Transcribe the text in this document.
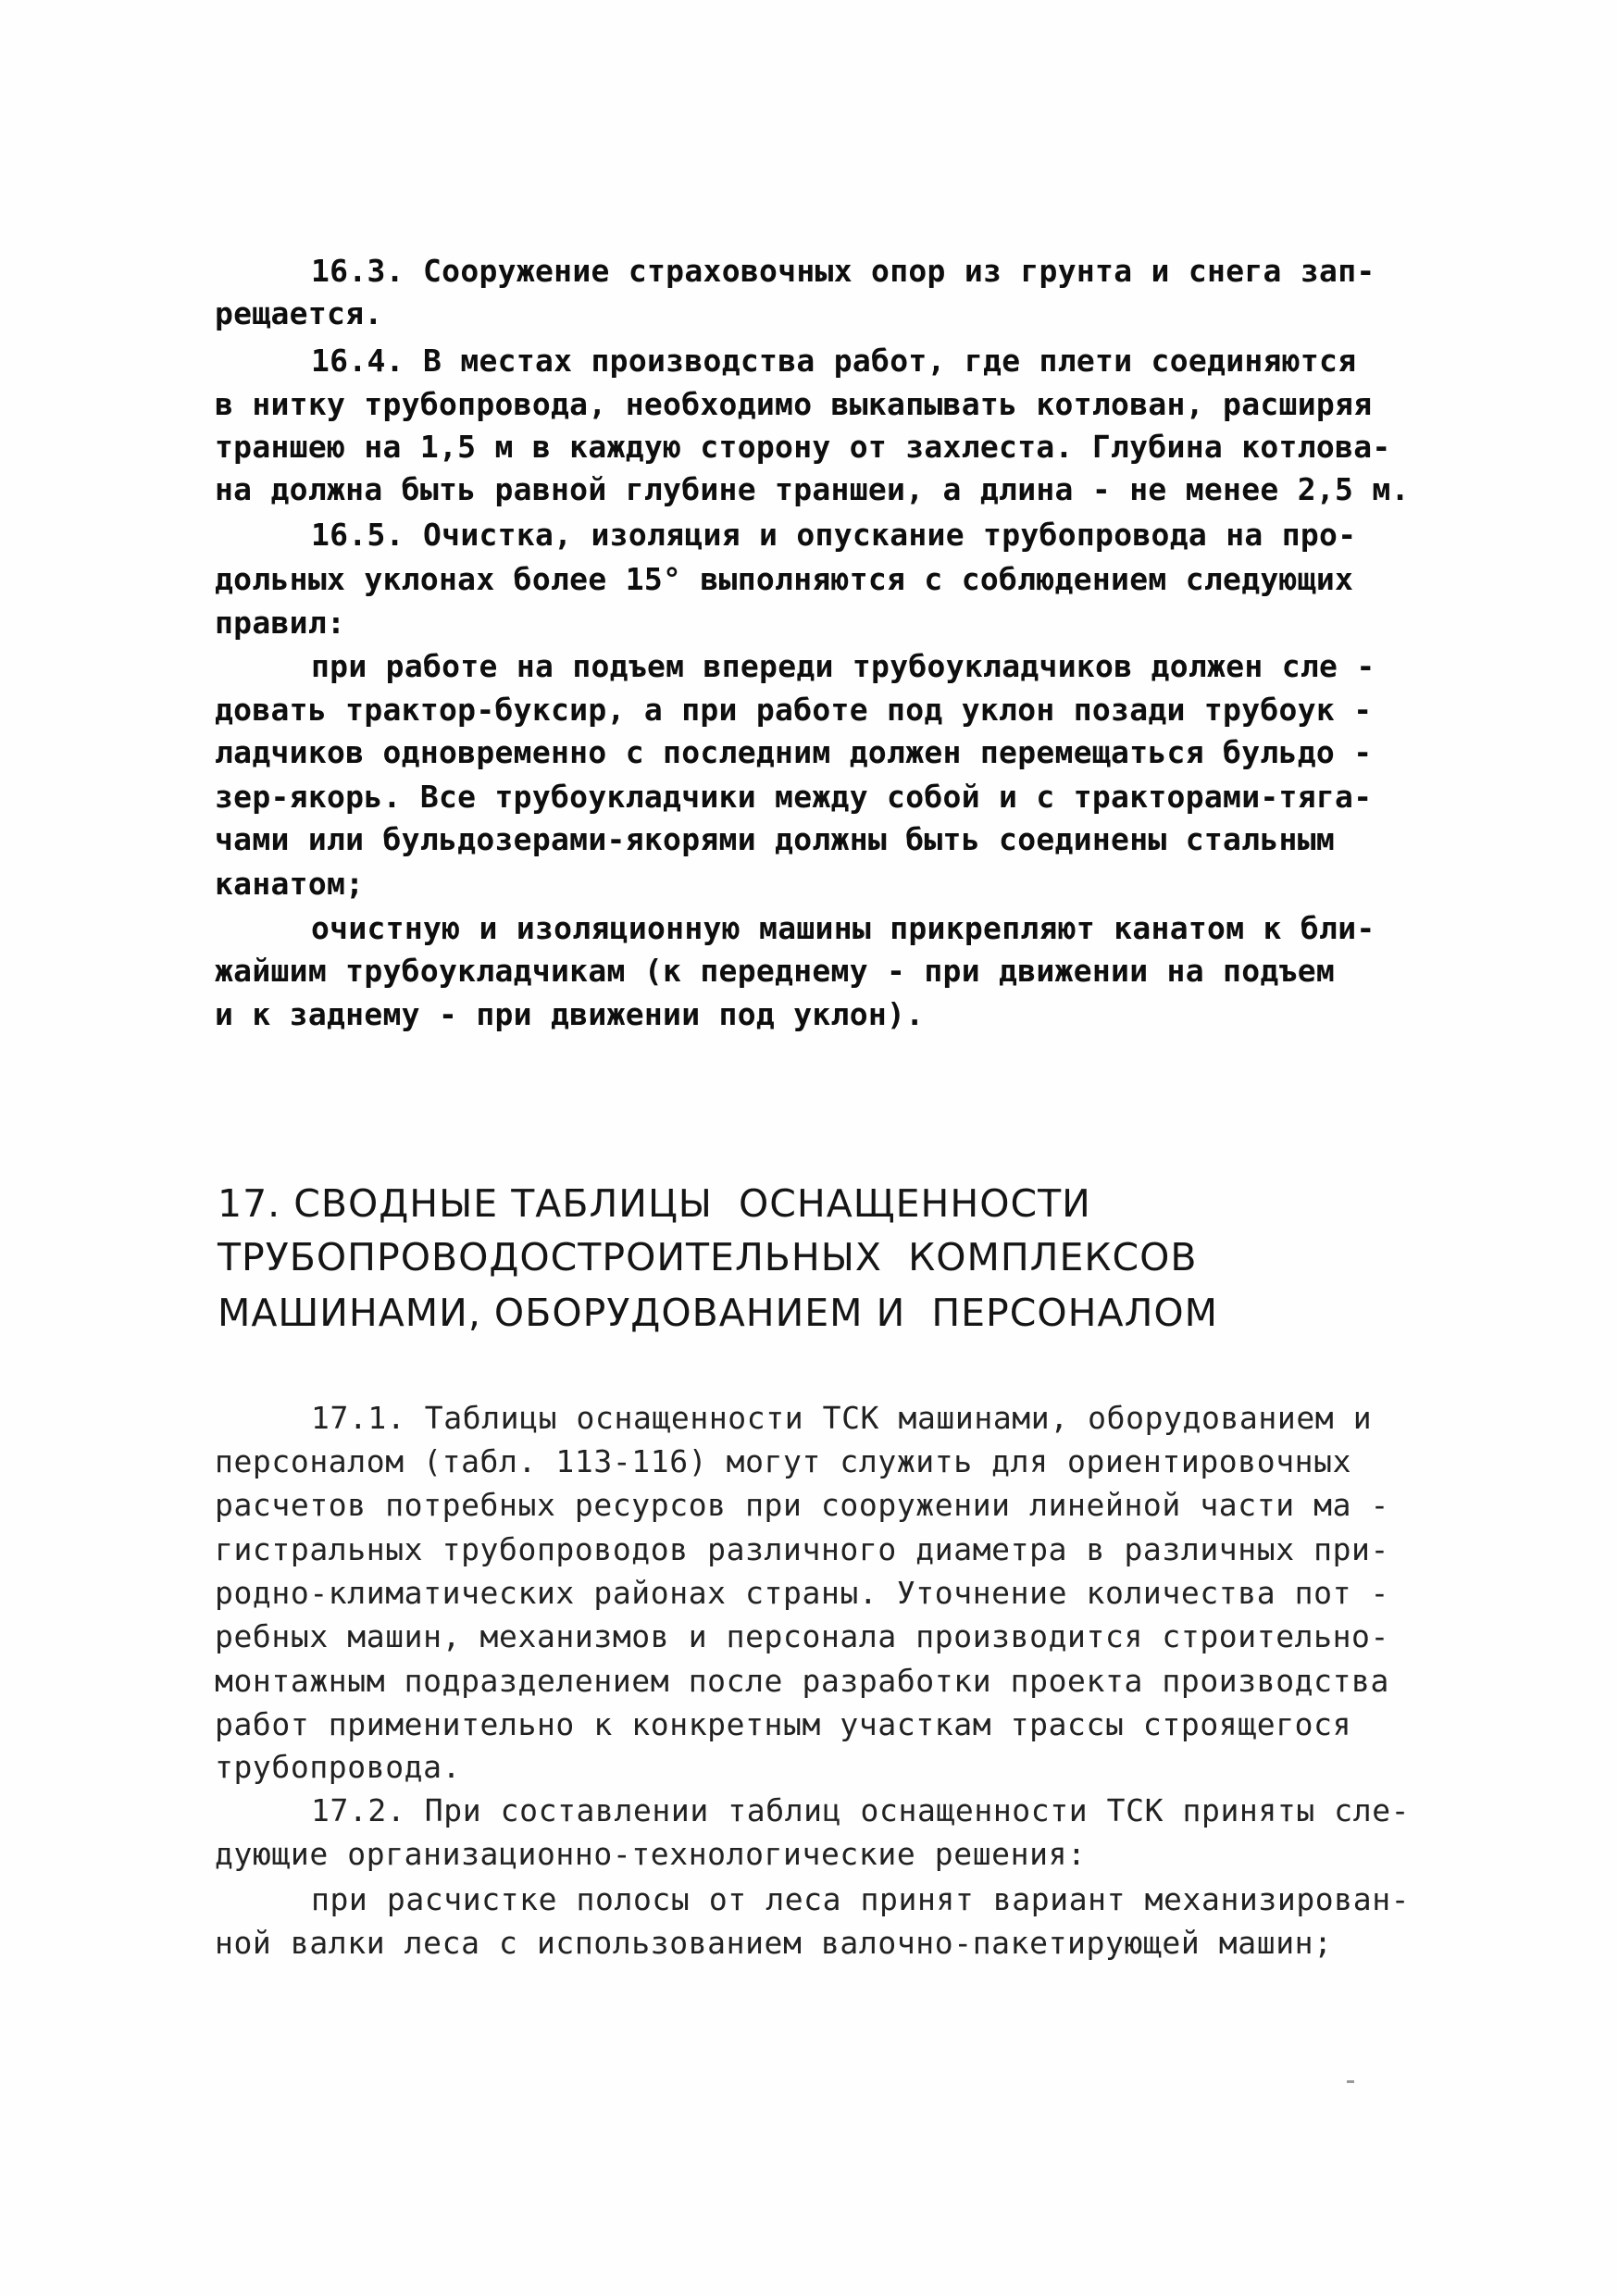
16.3. Сооружение страховочных опор из грунта и снега зап-
рещается.
16.4. В местах производства работ, где плети соединяются
в нитку трубопровода, необходимо выкапывать котлован, расширяя
траншею на 1,5 м в каждую сторону от захлеста. Глубина котлова-
на должна быть равной глубине траншеи, а длина - не менее 2,5 м.
16.5. Очистка, изоляция и опускание трубопровода на про-
дольных уклонах более 15° выполняются с соблюдением следующих
правил:
при работе на подъем впереди трубоукладчиков должен сле -
довать трактор-буксир, а при работе под уклон позади трубоук -
ладчиков одновременно с последним должен перемещаться бульдо -
зер-якорь. Все трубоукладчики между собой и с тракторами-тяга-
чами или бульдозерами-якорями должны быть соединены стальным
канатом;
очистную и изоляционную машины прикрепляют канатом к бли-
жайшим трубоукладчикам (к переднему - при движении на подъем
и к заднему - при движении под уклон).
17. СВОДНЫЕ ТАБЛИЦЫ  ОСНАЩЕННОСТИ
ТРУБОПРОВОДОСТРОИТЕЛЬНЫХ  КОМПЛЕКСОВ
МАШИНАМИ, ОБОРУДОВАНИЕМ И  ПЕРСОНАЛОМ
17.1. Таблицы оснащенности ТСК машинами, оборудованием и
персоналом (табл. 113-116) могут служить для ориентировочных
расчетов потребных ресурсов при сооружении линейной части ма -
гистральных трубопроводов различного диаметра в различных при-
родно-климатических районах страны. Уточнение количества пот -
ребных машин, механизмов и персонала производится строительно-
монтажным подразделением после разработки проекта производства
работ применительно к конкретным участкам трассы строящегося
трубопровода.
17.2. При составлении таблиц оснащенности ТСК приняты сле-
дующие организационно-технологические решения:
при расчистке полосы от леса принят вариант механизирован-
ной валки леса с использованием валочно-пакетирующей машин;
